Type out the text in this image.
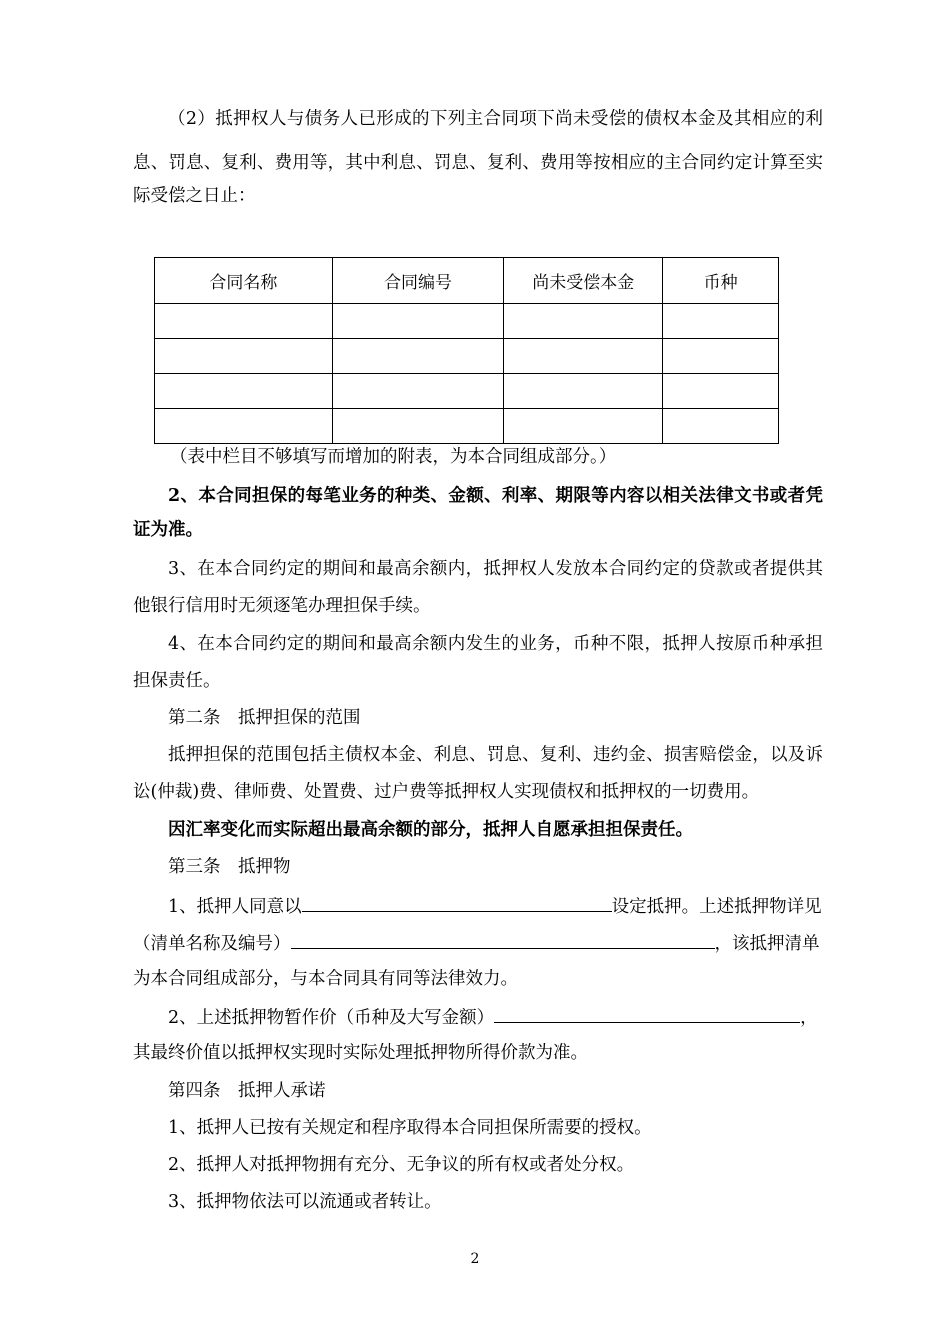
（2）抵押权人与债务人已形成的下列主合同项下尚未受偿的债权本金及其相应的利
息、罚息、复利、费用等，其中利息、罚息、复利、费用等按相应的主合同约定计算至实
际受偿之日止：
合同名称	合同编号	尚未受偿本金	币种

（表中栏目不够填写而增加的附表，为本合同组成部分。）
2、本合同担保的每笔业务的种类、金额、利率、期限等内容以相关法律文书或者凭
证为准。
3、在本合同约定的期间和最高余额内，抵押权人发放本合同约定的贷款或者提供其
他银行信用时无须逐笔办理担保手续。
4、在本合同约定的期间和最高余额内发生的业务，币种不限，抵押人按原币种承担
担保责任。
第二条　抵押担保的范围
抵押担保的范围包括主债权本金、利息、罚息、复利、违约金、损害赔偿金，以及诉
讼(仲裁)费、律师费、处置费、过户费等抵押权人实现债权和抵押权的一切费用。
因汇率变化而实际超出最高余额的部分，抵押人自愿承担担保责任。
第三条　抵押物
1、抵押人同意以	设定抵押。上述抵押物详见
（清单名称及编号）	，该抵押清单
为本合同组成部分，与本合同具有同等法律效力。
2、上述抵押物暂作价（币种及大写金额）	，
其最终价值以抵押权实现时实际处理抵押物所得价款为准。
第四条　抵押人承诺
1、抵押人已按有关规定和程序取得本合同担保所需要的授权。
2、抵押人对抵押物拥有充分、无争议的所有权或者处分权。
3、抵押物依法可以流通或者转让。
2
